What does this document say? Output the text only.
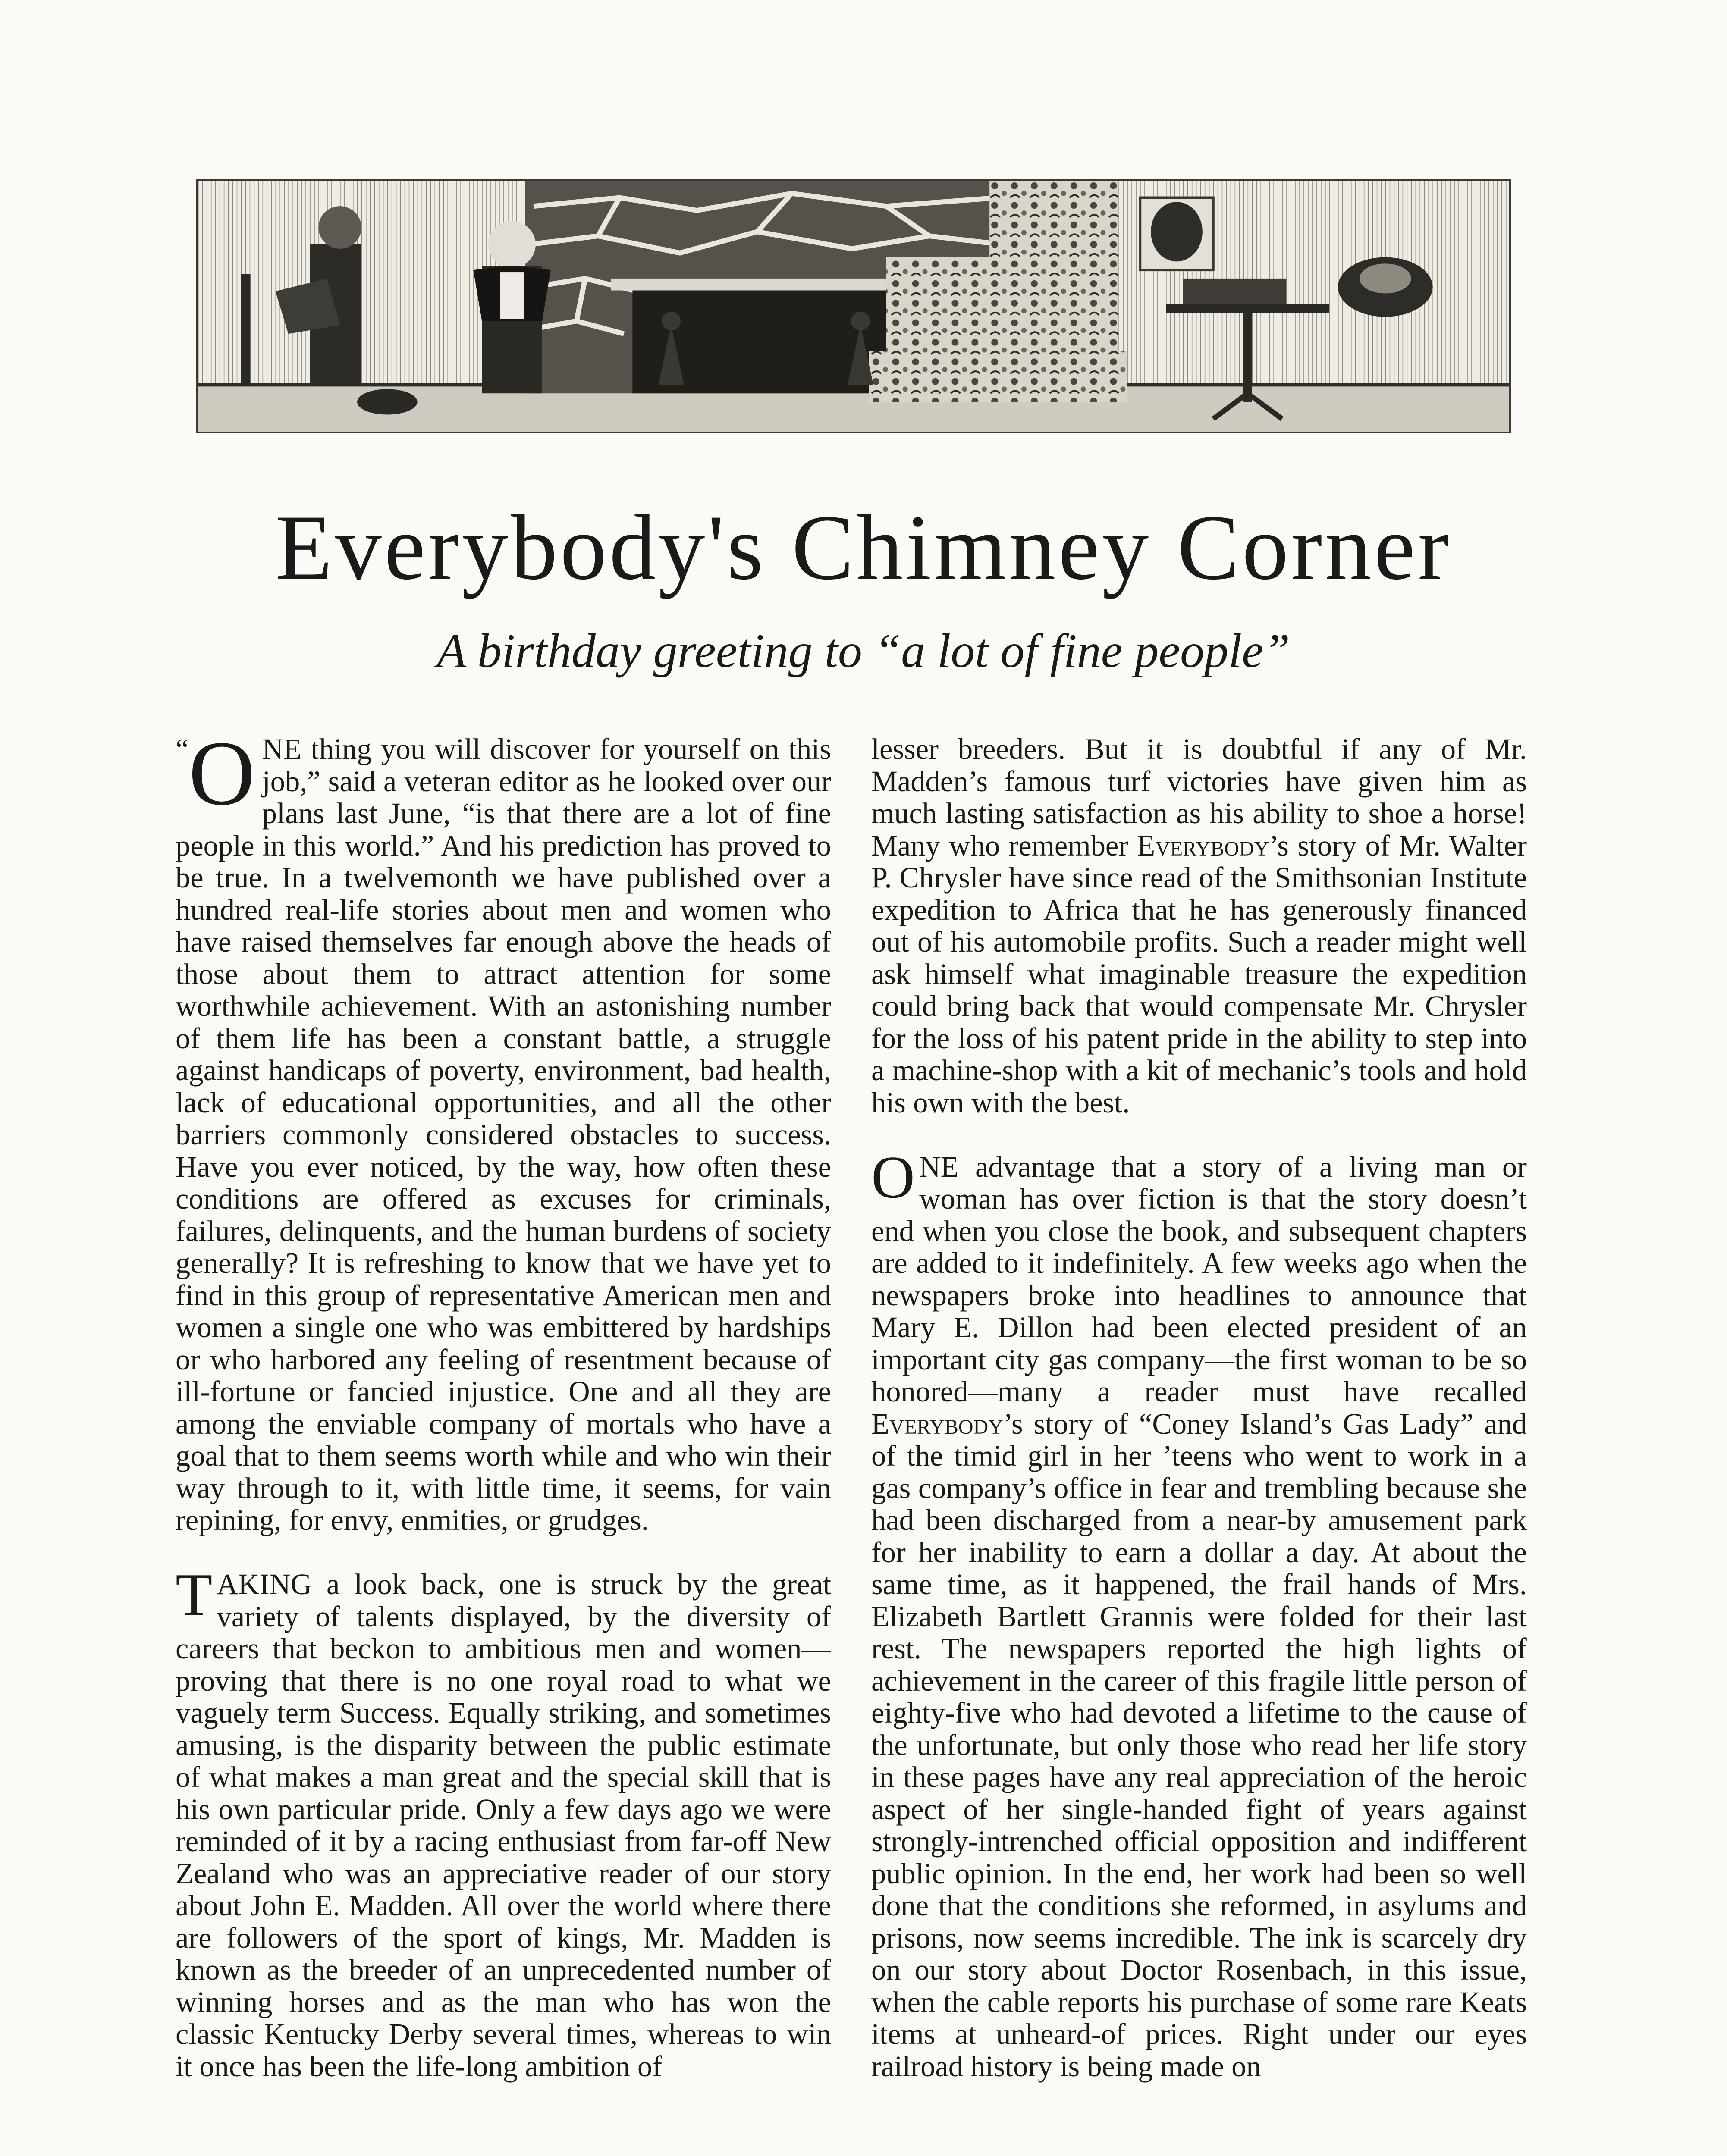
Everybody's Chimney Corner
A birthday greeting to “a lot of fine people”

“ O NE thing you will discover for yourself on this job,” said a veteran editor as he looked over our plans last June, “is that there are a lot of fine people in this world.” And his prediction has proved to be true. In a twelvemonth we have published over a hundred real-life stories about men and women who have raised themselves far enough above the heads of those about them to attract attention for some worthwhile achievement. With an astonishing number of them life has been a constant battle, a struggle against handicaps of poverty, environment, bad health, lack of educational opportunities, and all the other barriers commonly considered obstacles to success. Have you ever noticed, by the way, how often these conditions are offered as excuses for criminals, failures, delinquents, and the human burdens of society generally? It is refreshing to know that we have yet to find in this group of representative American men and women a single one who was embittered by hardships or who harbored any feeling of resentment because of ill-fortune or fancied injustice. One and all they are among the enviable company of mortals who have a goal that to them seems worth while and who win their way through to it, with little time, it seems, for vain repining, for envy, enmities, or grudges.

TAKING a look back, one is struck by the great variety of talents displayed, by the diversity of careers that beckon to ambitious men and women—proving that there is no one royal road to what we vaguely term Success. Equally striking, and sometimes amusing, is the disparity between the public estimate of what makes a man great and the special skill that is his own particular pride. Only a few days ago we were reminded of it by a racing enthusiast from far-off New Zealand who was an appreciative reader of our story about John E. Madden. All over the world where there are followers of the sport of kings, Mr. Madden is known as the breeder of an unprecedented number of winning horses and as the man who has won the classic Kentucky Derby several times, whereas to win it once has been the life-long ambition of

lesser breeders. But it is doubtful if any of Mr. Madden’s famous turf victories have given him as much lasting satisfaction as his ability to shoe a horse! Many who remember Everybody’s story of Mr. Walter P. Chrysler have since read of the Smithsonian Institute expedition to Africa that he has generously financed out of his automobile profits. Such a reader might well ask himself what imaginable treasure the expedition could bring back that would compensate Mr. Chrysler for the loss of his patent pride in the ability to step into a machine-shop with a kit of mechanic’s tools and hold his own with the best.

ONE advantage that a story of a living man or woman has over fiction is that the story doesn’t end when you close the book, and subsequent chapters are added to it indefinitely. A few weeks ago when the newspapers broke into headlines to announce that Mary E. Dillon had been elected president of an important city gas company—the first woman to be so honored—many a reader must have recalled Everybody’s story of “Coney Island’s Gas Lady” and of the timid girl in her ’teens who went to work in a gas company’s office in fear and trembling because she had been discharged from a near-by amusement park for her inability to earn a dollar a day. At about the same time, as it happened, the frail hands of Mrs. Elizabeth Bartlett Grannis were folded for their last rest. The newspapers reported the high lights of achievement in the career of this fragile little person of eighty-five who had devoted a lifetime to the cause of the unfortunate, but only those who read her life story in these pages have any real appreciation of the heroic aspect of her single-handed fight of years against strongly-intrenched official opposition and indifferent public opinion. In the end, her work had been so well done that the conditions she reformed, in asylums and prisons, now seems incredible. The ink is scarcely dry on our story about Doctor Rosenbach, in this issue, when the cable reports his purchase of some rare Keats items at unheard-of prices. Right under our eyes railroad history is being made on
